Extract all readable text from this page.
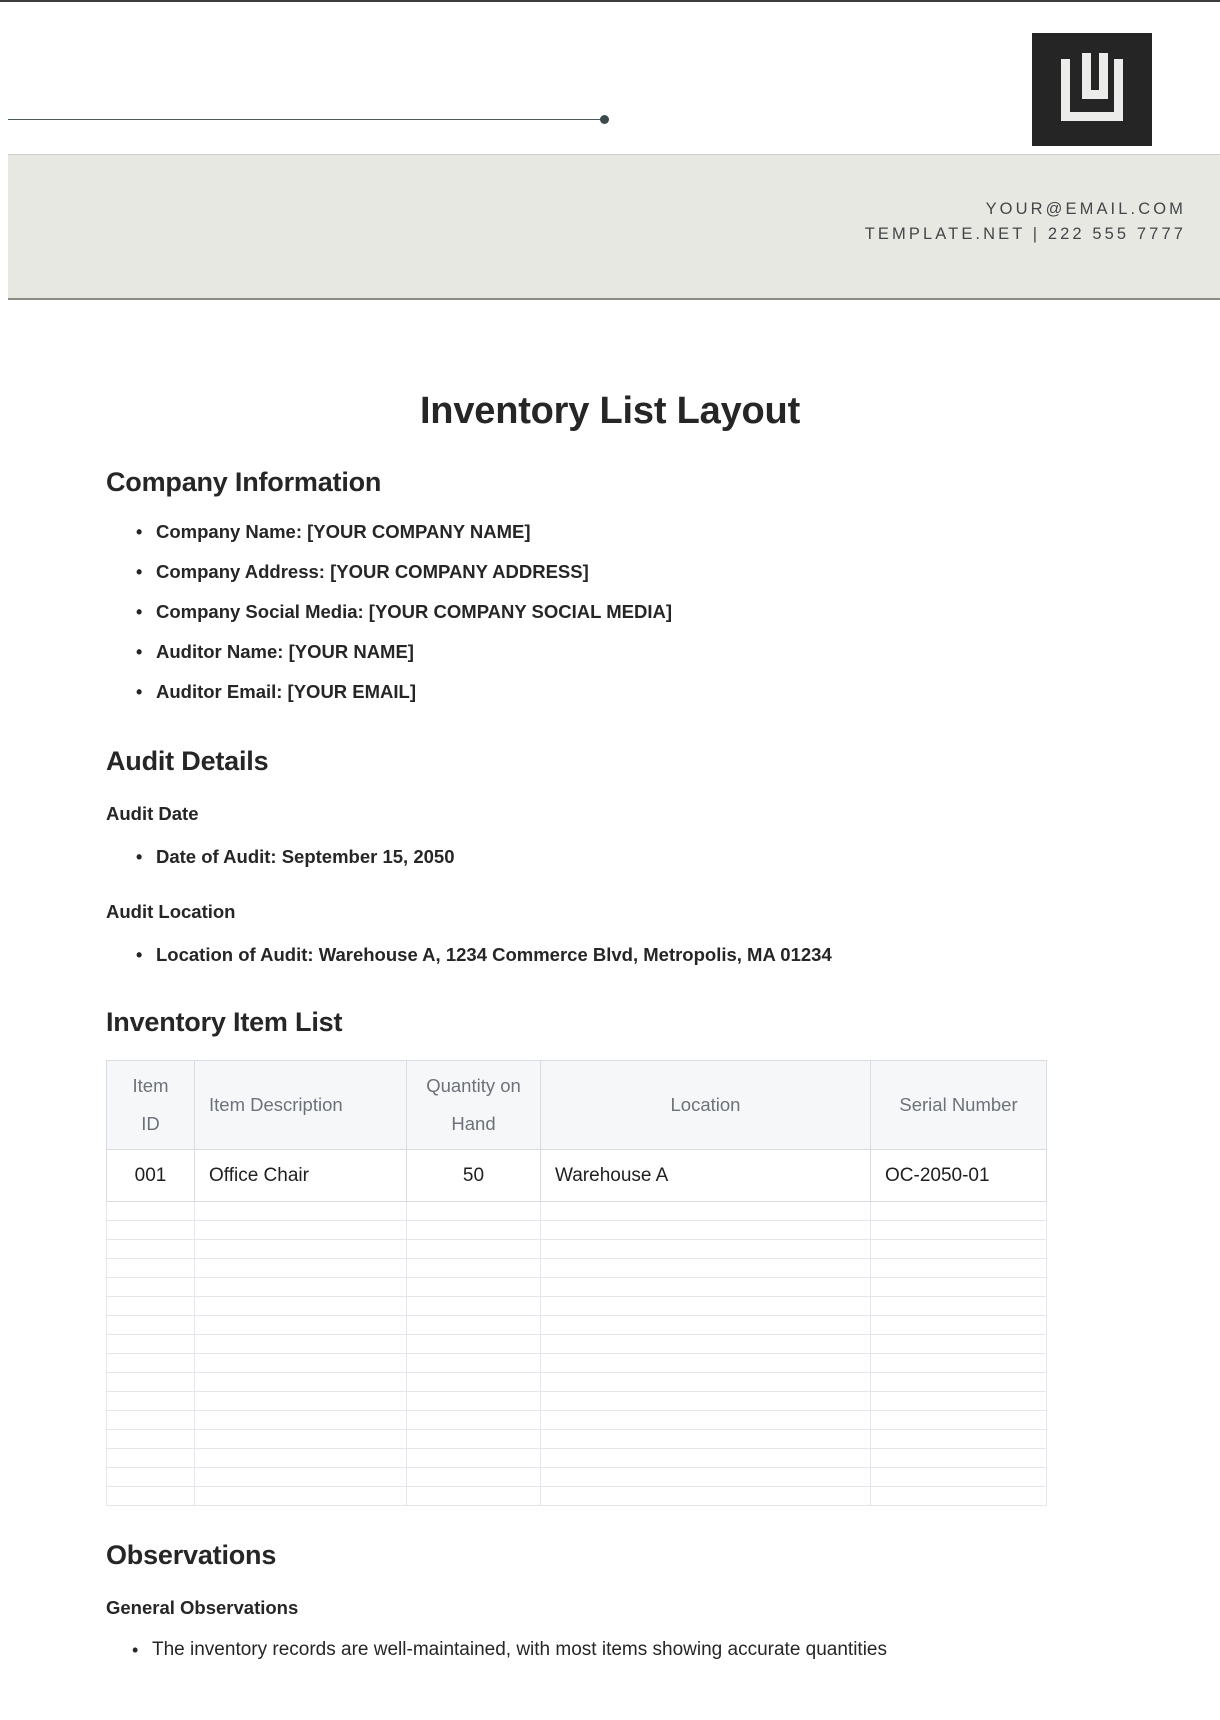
YOUR@EMAIL.COM
TEMPLATE.NET | 222 555 7777
Inventory List Layout
Company Information
• Company Name: [YOUR COMPANY NAME]
• Company Address: [YOUR COMPANY ADDRESS]
• Company Social Media: [YOUR COMPANY SOCIAL MEDIA]
• Auditor Name: [YOUR NAME]
• Auditor Email: [YOUR EMAIL]
Audit Details
Audit Date
• Date of Audit: September 15, 2050
Audit Location
• Location of Audit: Warehouse A, 1234 Commerce Blvd, Metropolis, MA 01234
Inventory Item List
Item ID	Item Description	Quantity on Hand	Location	Serial Number
001	Office Chair	50	Warehouse A	OC-2050-01

Observations
General Observations
• The inventory records are well-maintained, with most items showing accurate quantities
